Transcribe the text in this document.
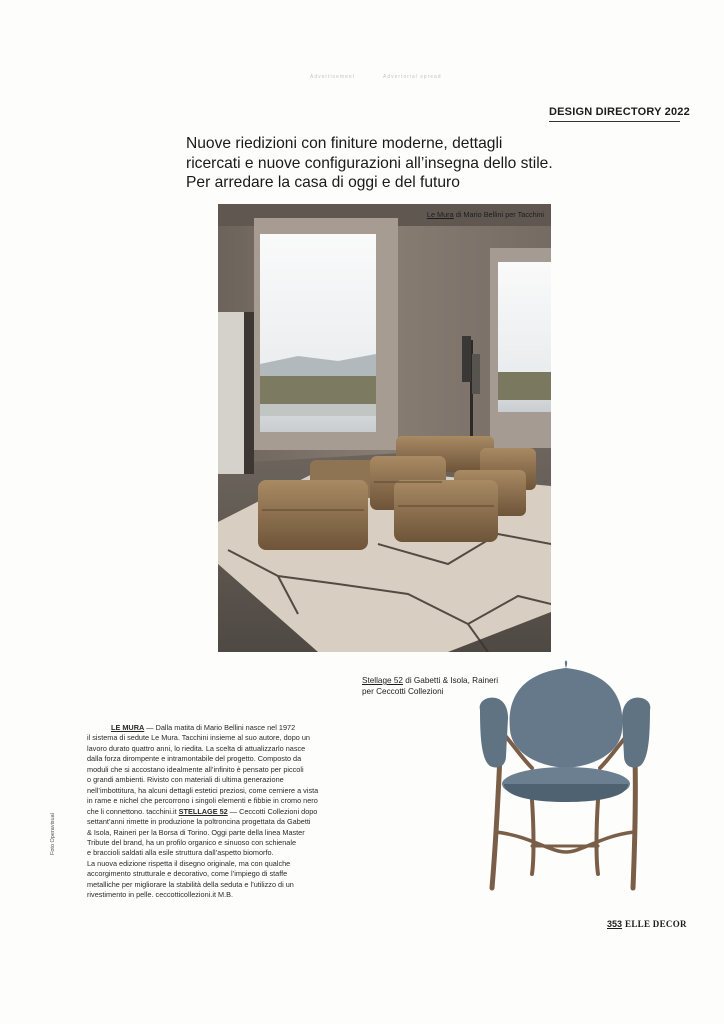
Advertisement	Advertorial spread
DESIGN DIRECTORY 2022
Nuove riedizioni con finiture moderne, dettagli
ricercati e nuove configurazioni all’insegna dello stile.
Per arredare la casa di oggi e del futuro
Le Mura di Mario Bellini per Tacchini
Stellage 52 di Gabetti & Isola, Raineri
per Ceccotti Collezioni
LE MURA — Dalla matita di Mario Bellini nasce nel 1972
il sistema di sedute Le Mura. Tacchini insieme al suo autore, dopo un
lavoro durato quattro anni, lo riedita. La scelta di attualizzarlo nasce
dalla forza dirompente e intramontabile del progetto. Composto da
moduli che si accostano idealmente all’infinito è pensato per piccoli
o grandi ambienti. Rivisto con materiali di ultima generazione
nell’imbottitura, ha alcuni dettagli estetici preziosi, come cerniere a vista
in rame e nichel che percorrono i singoli elementi e fibbie in cromo nero
che li connettono. tacchini.it STELLAGE 52 — Ceccotti Collezioni dopo
settant’anni rimette in produzione la poltroncina progettata da Gabetti
& Isola, Raineri per la Borsa di Torino. Oggi parte della linea Master
Tribute del brand, ha un profilo organico e sinuoso con schienale
e braccioli saldati alla esile struttura dall’aspetto biomorfo.
La nuova edizione rispetta il disegno originale, ma con qualche
accorgimento strutturale e decorativo, come l’impiego di staffe
metalliche per migliorare la stabilità della seduta e l’utilizzo di un
rivestimento in pelle. ceccotticollezioni.it M.B.
Foto Operavisual
353 ELLE DECOR
